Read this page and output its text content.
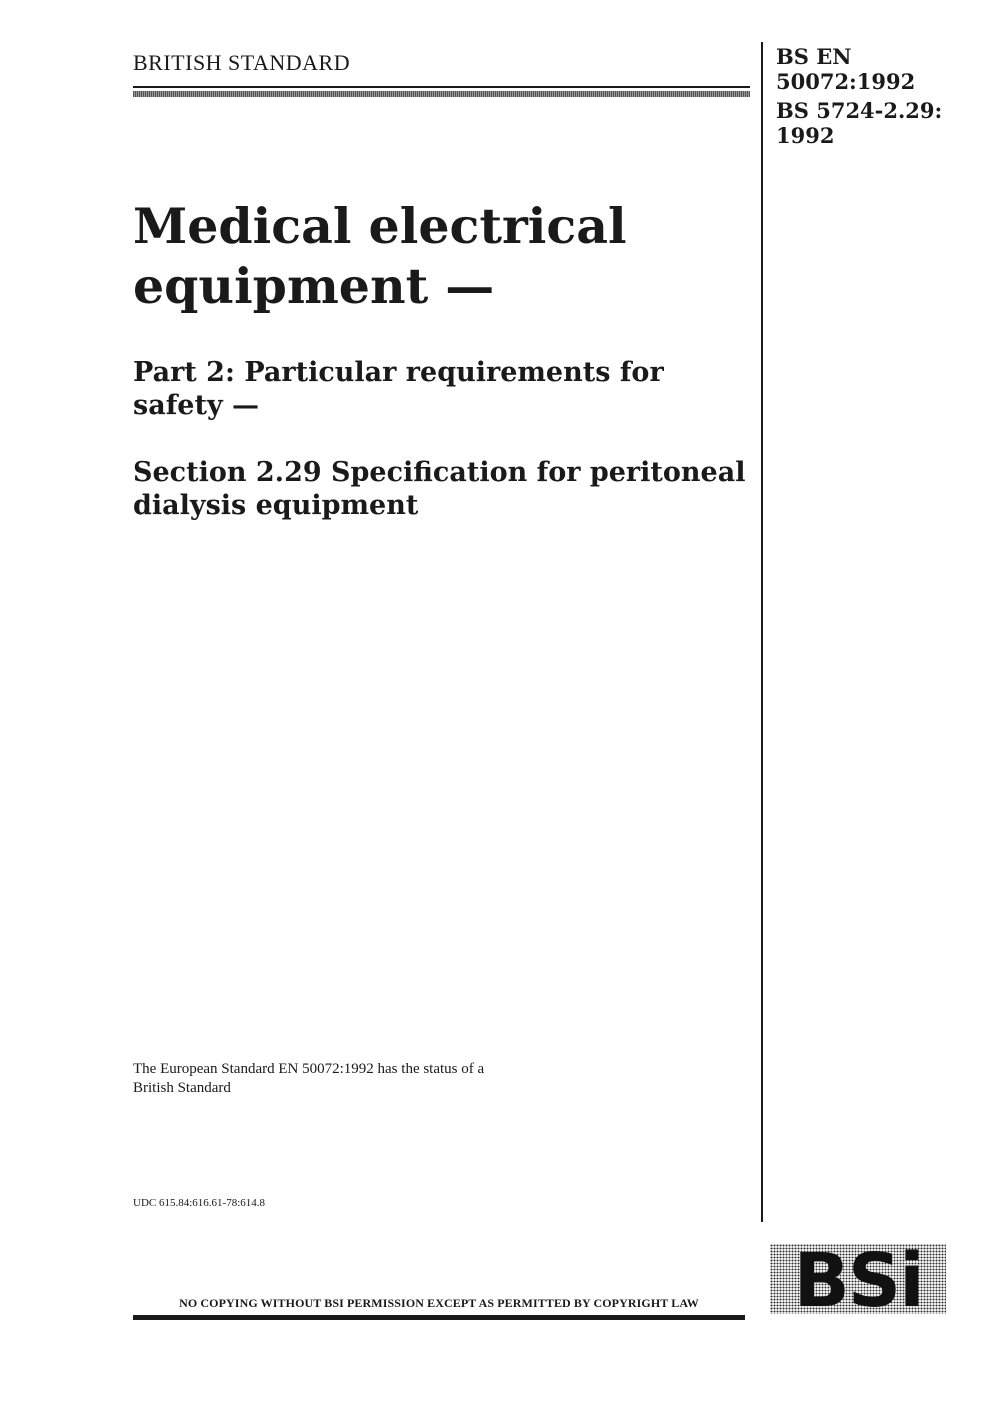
BRITISH STANDARD	BS EN
50072:1992
BS 5724-2.29:
1992
Medical electrical
equipment —
Part 2: Particular requirements for
safety —
Section 2.29 Specification for peritoneal
dialysis equipment
The European Standard EN 50072:1992 has the status of a
British Standard
UDC 615.84:616.61-78:614.8
BSi
NO COPYING WITHOUT BSI PERMISSION EXCEPT AS PERMITTED BY COPYRIGHT LAW
